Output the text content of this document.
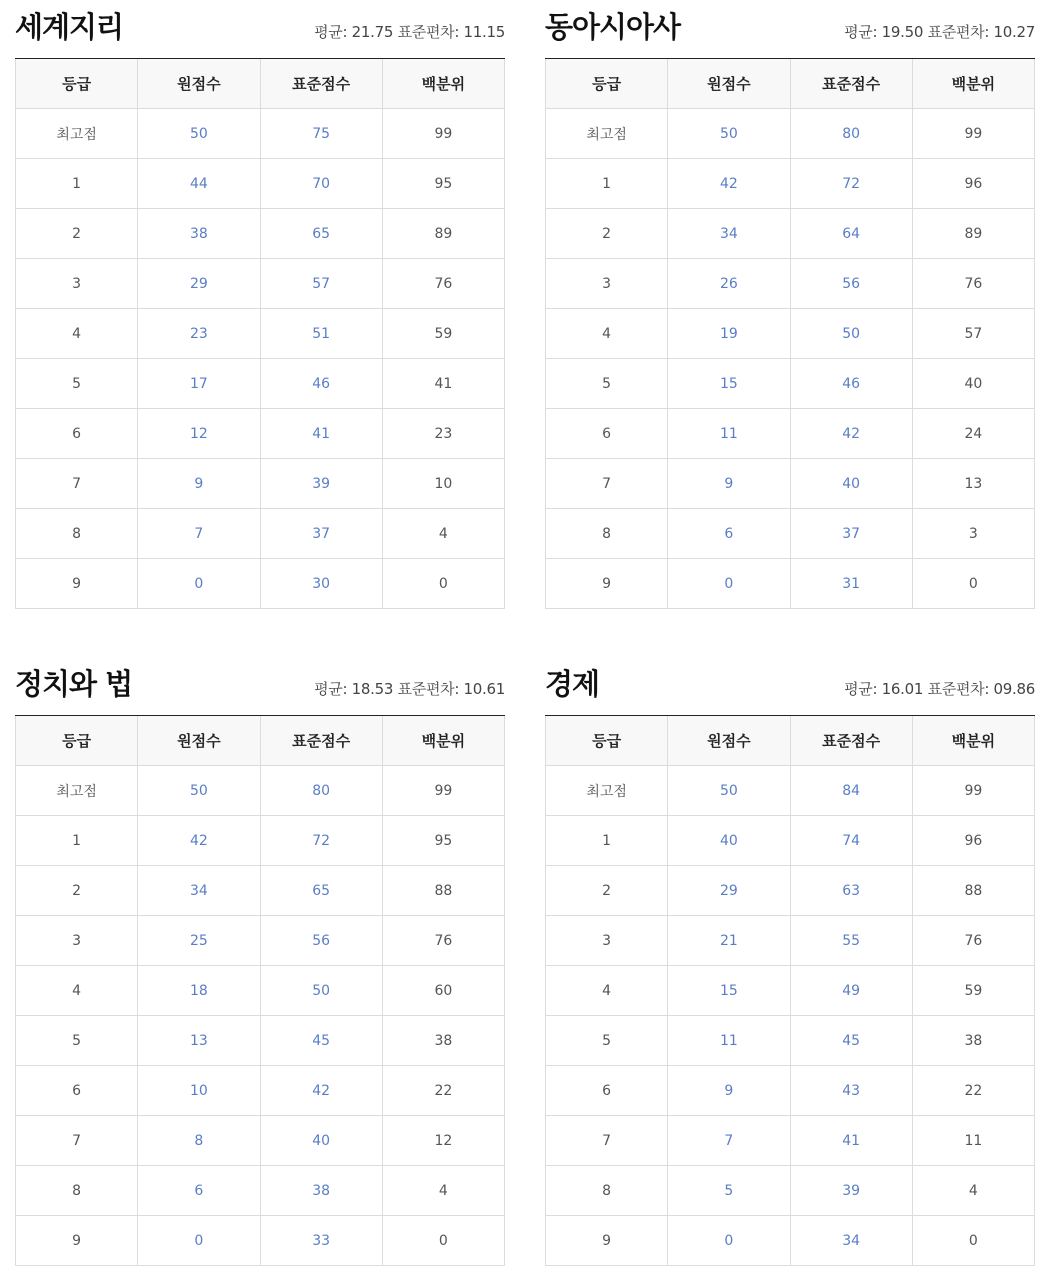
세계지리	평균: 21.75 표준편차: 11.15
등급	원점수	표준점수	백분위
최고점	50	75	99
1	44	70	95
2	38	65	89
3	29	57	76
4	23	51	59
5	17	46	41
6	12	41	23
7	9	39	10
8	7	37	4
9	0	30	0
동아시아사	평균: 19.50 표준편차: 10.27
등급	원점수	표준점수	백분위
최고점	50	80	99
1	42	72	96
2	34	64	89
3	26	56	76
4	19	50	57
5	15	46	40
6	11	42	24
7	9	40	13
8	6	37	3
9	0	31	0
정치와 법	평균: 18.53 표준편차: 10.61
등급	원점수	표준점수	백분위
최고점	50	80	99
1	42	72	95
2	34	65	88
3	25	56	76
4	18	50	60
5	13	45	38
6	10	42	22
7	8	40	12
8	6	38	4
9	0	33	0
경제	평균: 16.01 표준편차: 09.86
등급	원점수	표준점수	백분위
최고점	50	84	99
1	40	74	96
2	29	63	88
3	21	55	76
4	15	49	59
5	11	45	38
6	9	43	22
7	7	41	11
8	5	39	4
9	0	34	0
